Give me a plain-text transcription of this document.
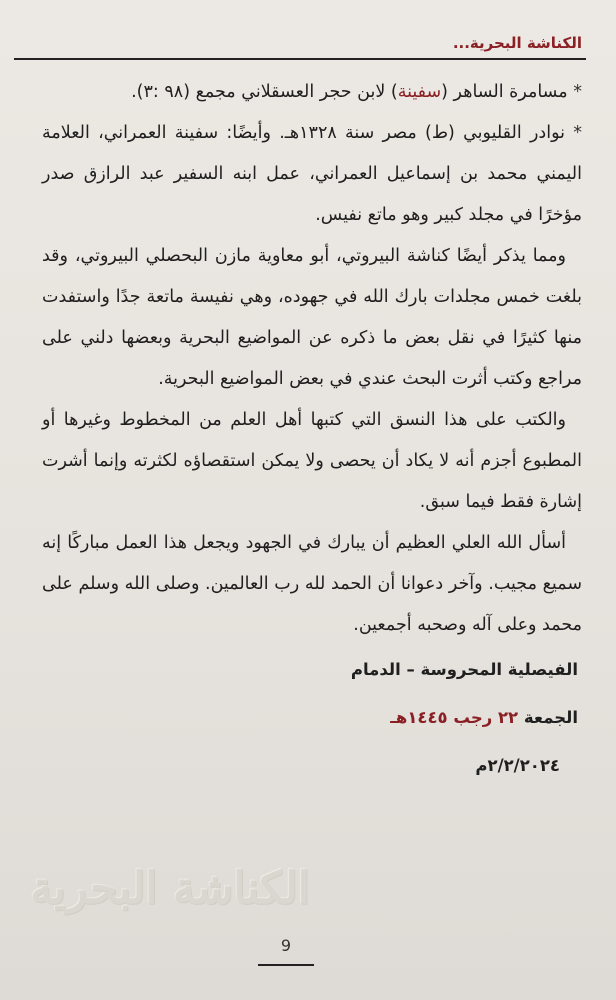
الكناشة البحرية...

* مسامرة الساهر (سفينة) لابن حجر العسقلاني مجمع (٩٨ :٣).

* نوادر القليوبي (ط) مصر سنة ١٣٢٨هـ. وأيضًا: سفينة العمراني، العلامة اليمني محمد بن إسماعيل العمراني، عمل ابنه السفير عبد الرازق صدر مؤخرًا في مجلد كبير وهو ماتع نفيس.

ومما يذكر أيضًا كناشة البيروتي، أبو معاوية مازن البحصلي البيروتي، وقد بلغت خمس مجلدات بارك الله في جهوده، وهي نفيسة ماتعة جدًا واستفدت منها كثيرًا في نقل بعض ما ذكره عن المواضيع البحرية وبعضها دلني على مراجع وكتب أثرت البحث عندي في بعض المواضيع البحرية.

والكتب على هذا النسق التي كتبها أهل العلم من المخطوط وغيرها أو المطبوع أجزم أنه لا يكاد أن يحصى ولا يمكن استقصاؤه لكثرته وإنما أشرت إشارة فقط فيما سبق.

أسأل الله العلي العظيم أن يبارك في الجهود ويجعل هذا العمل مباركًا إنه سميع مجيب. وآخر دعوانا أن الحمد لله رب العالمين. وصلى الله وسلم على محمد وعلى آله وصحبه أجمعين.

الفيصلية المحروسة – الدمام
الجمعة ٢٢ رجب ١٤٤٥هـ
٢/٢/٢٠٢٤م
الكناشة البحرية
9
